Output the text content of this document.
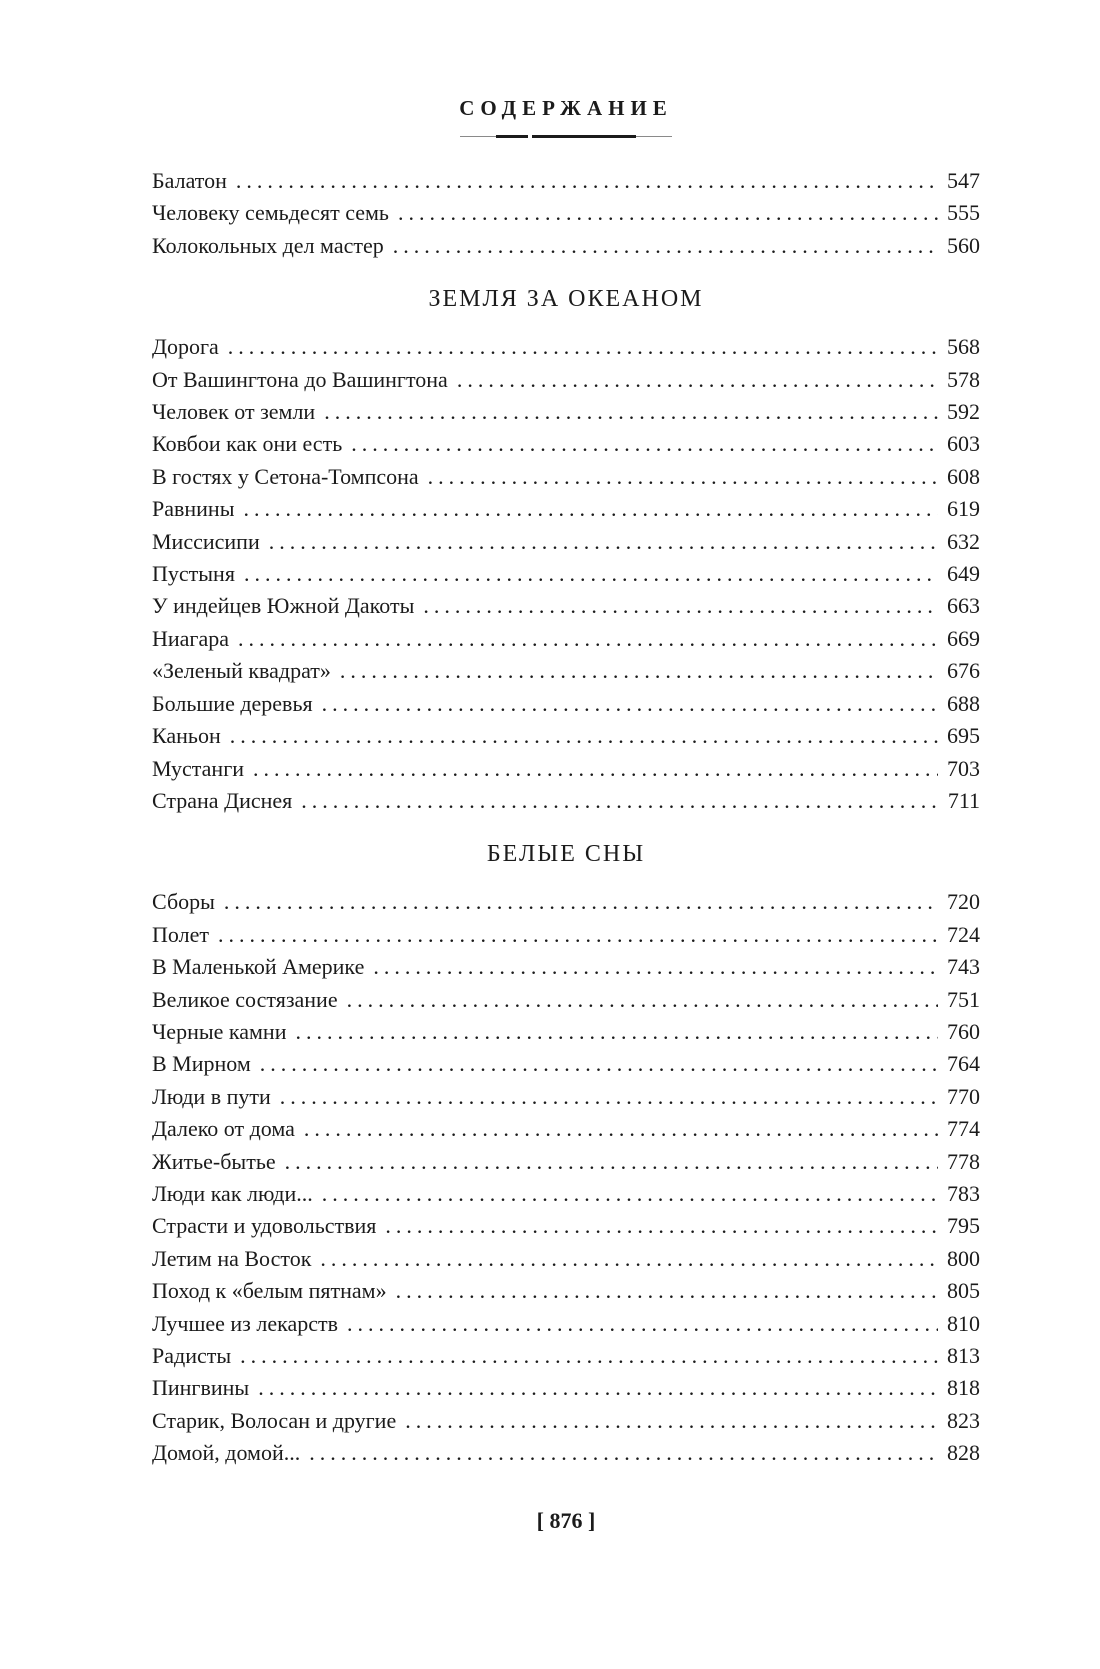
СОДЕРЖАНИЕ
Балатон .....	547
Человеку семьдесят семь .....	555
Колокольных дел мастер .....	560
ЗЕМЛЯ ЗА ОКЕАНОМ
Дорога .....	568
От Вашингтона до Вашингтона .....	578
Человек от земли .....	592
Ковбои как они есть .....	603
В гостях у Сетона-Томпсона .....	608
Равнины .....	619
Миссисипи .....	632
Пустыня .....	649
У индейцев Южной Дакоты .....	663
Ниагара .....	669
«Зеленый квадрат» .....	676
Большие деревья .....	688
Каньон .....	695
Мустанги .....	703
Страна Диснея .....	711
БЕЛЫЕ СНЫ
Сборы .....	720
Полет .....	724
В Маленькой Америке .....	743
Великое состязание .....	751
Черные камни .....	760
В Мирном .....	764
Люди в пути .....	770
Далеко от дома .....	774
Житье-бытье .....	778
Люди как люди... .....	783
Страсти и удовольствия .....	795
Летим на Восток .....	800
Поход к «белым пятнам» .....	805
Лучшее из лекарств .....	810
Радисты .....	813
Пингвины .....	818
Старик, Волосан и другие .....	823
Домой, домой... .....	828
[ 876 ]
